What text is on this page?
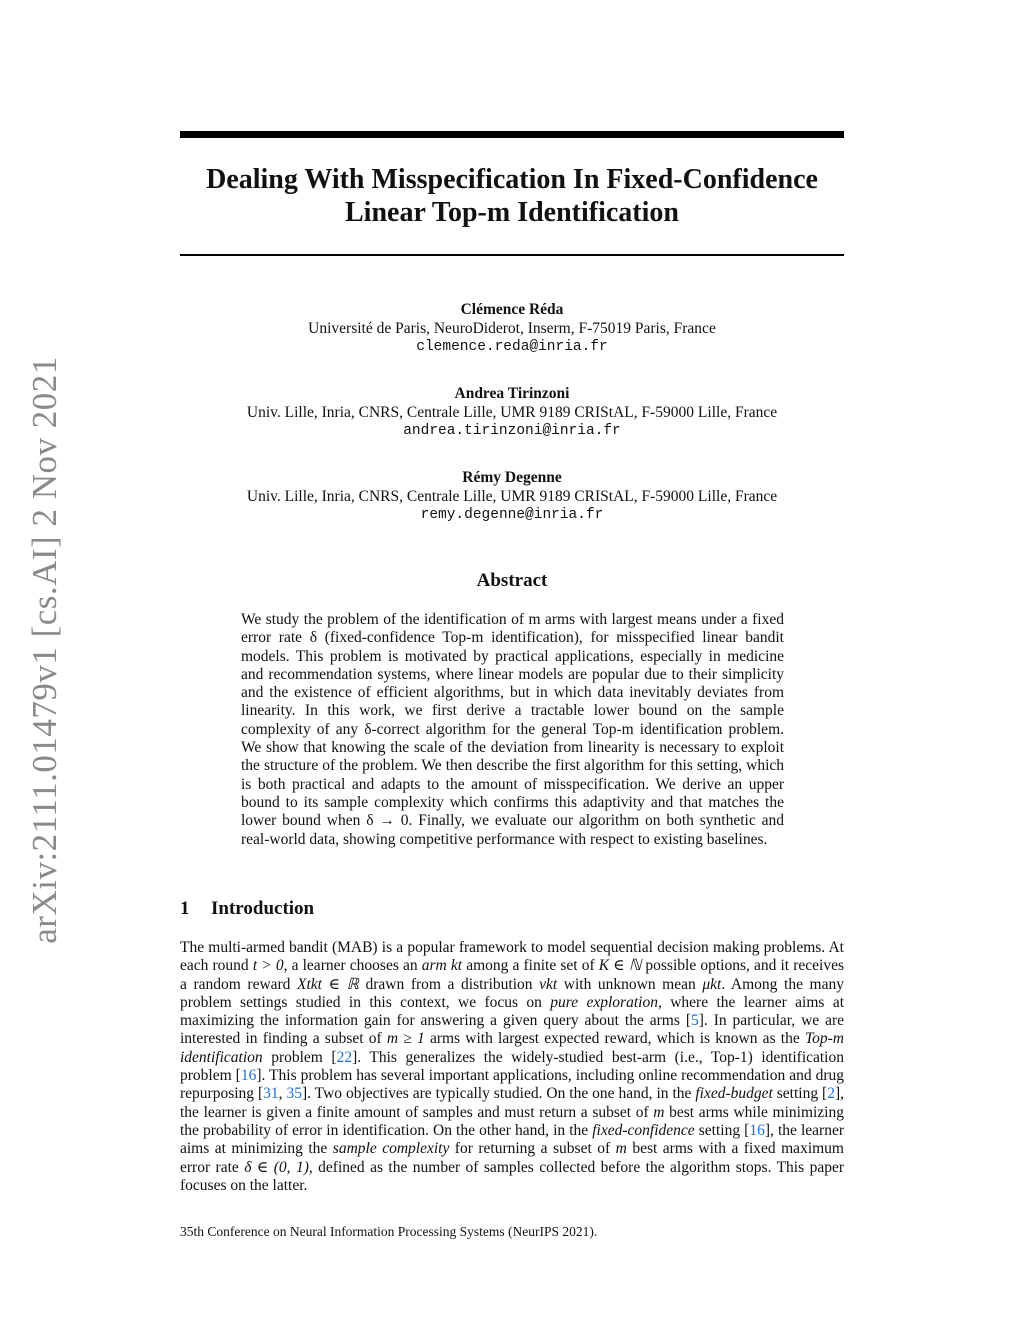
arXiv:2111.01479v1 [cs.AI] 2 Nov 2021
Dealing With Misspecification In Fixed-Confidence
Linear Top-m Identification
Clémence Réda
Université de Paris, NeuroDiderot, Inserm, F-75019 Paris, France
clemence.reda@inria.fr
Andrea Tirinzoni
Univ. Lille, Inria, CNRS, Centrale Lille, UMR 9189 CRIStAL, F-59000 Lille, France
andrea.tirinzoni@inria.fr
Rémy Degenne
Univ. Lille, Inria, CNRS, Centrale Lille, UMR 9189 CRIStAL, F-59000 Lille, France
remy.degenne@inria.fr
Abstract

We study the problem of the identification of m arms with largest means under a fixed error rate δ (fixed-confidence Top-m identification), for misspecified linear bandit models. This problem is motivated by practical applications, especially in medicine and recommendation systems, where linear models are popular due to their simplicity and the existence of efficient algorithms, but in which data inevitably deviates from linearity. In this work, we first derive a tractable lower bound on the sample complexity of any δ-correct algorithm for the general Top-m identification problem. We show that knowing the scale of the deviation from linearity is necessary to exploit the structure of the problem. We then describe the first algorithm for this setting, which is both practical and adapts to the amount of misspecification. We derive an upper bound to its sample complexity which confirms this adaptivity and that matches the lower bound when δ → 0. Finally, we evaluate our algorithm on both synthetic and real-world data, showing competitive performance with respect to existing baselines.

1 Introduction

The multi-armed bandit (MAB) is a popular framework to model sequential decision making problems. At each round t > 0, a learner chooses an arm kt among a finite set of K ∈ ℕ possible options, and it receives a random reward Xtkt ∈ ℝ drawn from a distribution νkt with unknown mean μkt. Among the many problem settings studied in this context, we focus on pure exploration, where the learner aims at maximizing the information gain for answering a given query about the arms [5]. In particular, we are interested in finding a subset of m ≥ 1 arms with largest expected reward, which is known as the Top-m identification problem [22]. This generalizes the widely-studied best-arm (i.e., Top-1) identification problem [16]. This problem has several important applications, including online recommendation and drug repurposing [31, 35]. Two objectives are typically studied. On the one hand, in the fixed-budget setting [2], the learner is given a finite amount of samples and must return a subset of m best arms while minimizing the probability of error in identification. On the other hand, in the fixed-confidence setting [16], the learner aims at minimizing the sample complexity for returning a subset of m best arms with a fixed maximum error rate δ ∈ (0, 1), defined as the number of samples collected before the algorithm stops. This paper focuses on the latter.

35th Conference on Neural Information Processing Systems (NeurIPS 2021).
